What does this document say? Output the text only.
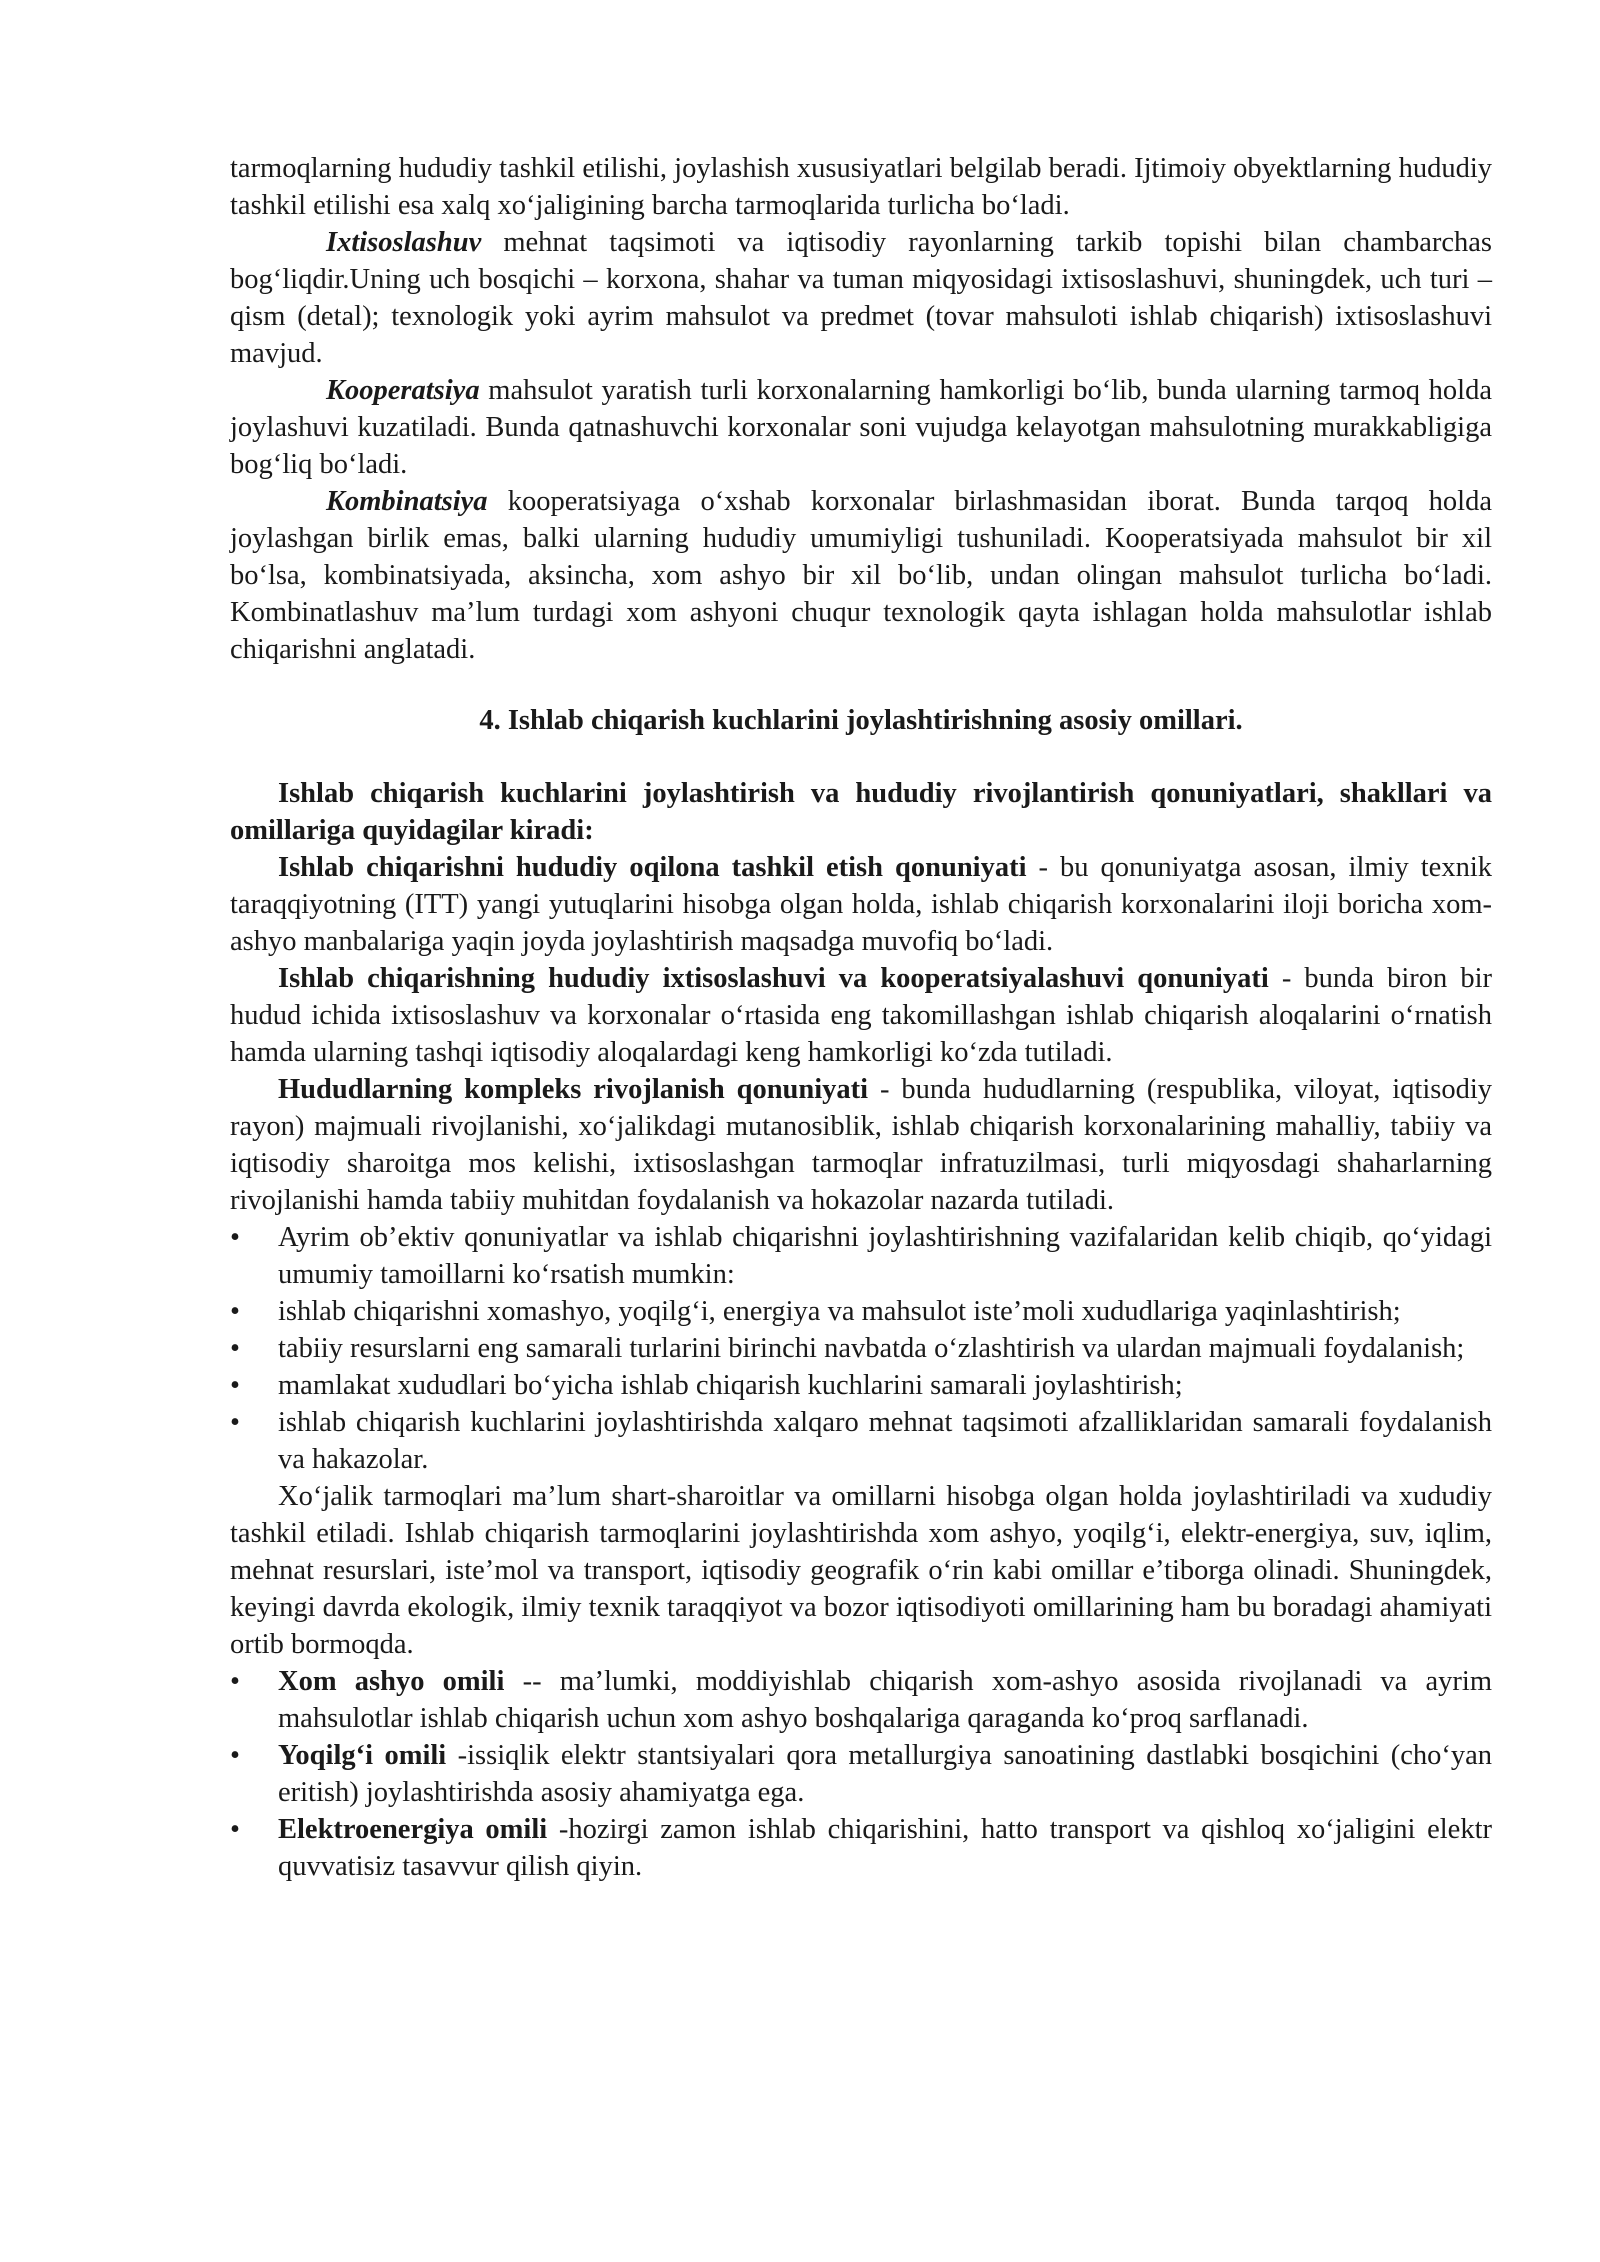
tarmoqlarning hududiy tashkil etilishi, joylashish xususiyatlari belgilab beradi. Ijtimoiy obyektlarning hududiy tashkil etilishi esa xalq xo‘jaligining barcha tarmoqlarida turlicha bo‘ladi.

Ixtisoslashuv mehnat taqsimoti va iqtisodiy rayonlarning tarkib topishi bilan chambarchas bog‘liqdir.Uning uch bosqichi – korxona, shahar va tuman miqyosidagi ixtisoslashuvi, shuningdek, uch turi – qism (detal); texnologik yoki ayrim mahsulot va predmet (tovar mahsuloti ishlab chiqarish) ixtisoslashuvi mavjud.

Kooperatsiya mahsulot yaratish turli korxonalarning hamkorligi bo‘lib, bunda ularning tarmoq holda joylashuvi kuzatiladi. Bunda qatnashuvchi korxonalar soni vujudga kelayotgan mahsulotning murakkabligiga bog‘liq bo‘ladi.

Kombinatsiya kooperatsiyaga o‘xshab korxonalar birlashmasidan iborat. Bunda tarqoq holda joylashgan birlik emas, balki ularning hududiy umumiyligi tushuniladi. Kooperatsiyada mahsulot bir xil bo‘lsa, kombinatsiyada, aksincha, xom ashyo bir xil bo‘lib, undan olingan mahsulot turlicha bo‘ladi. Kombinatlashuv ma’lum turdagi xom ashyoni chuqur texnologik qayta ishlagan holda mahsulotlar ishlab chiqarishni anglatadi.

4. Ishlab chiqarish kuchlarini joylashtirishning asosiy omillari.

Ishlab chiqarish kuchlarini joylashtirish va hududiy rivojlantirish qonuniyatlari, shakllari va omillariga quyidagilar kiradi:

Ishlab chiqarishni hududiy oqilona tashkil etish qonuniyati - bu qonuniyatga asosan, ilmiy texnik taraqqiyotning (ITT) yangi yutuqlarini hisobga olgan holda, ishlab chiqarish korxonalarini iloji boricha xom-ashyo manbalariga yaqin joyda joylashtirish maqsadga muvofiq bo‘ladi.

Ishlab chiqarishning hududiy ixtisoslashuvi va kooperatsiyalashuvi qonuniyati - bunda biron bir hudud ichida ixtisoslashuv va korxonalar o‘rtasida eng takomillashgan ishlab chiqarish aloqalarini o‘rnatish hamda ularning tashqi iqtisodiy aloqalardagi keng hamkorligi ko‘zda tutiladi.

Hududlarning kompleks rivojlanish qonuniyati - bunda hududlarning (respublika, viloyat, iqtisodiy rayon) majmuali rivojlanishi, xo‘jalikdagi mutanosiblik, ishlab chiqarish korxonalarining mahalliy, tabiiy va iqtisodiy sharoitga mos kelishi, ixtisoslashgan tarmoqlar infratuzilmasi, turli miqyosdagi shaharlarning rivojlanishi hamda tabiiy muhitdan foydalanish va hokazolar nazarda tutiladi.

• Ayrim ob’ektiv qonuniyatlar va ishlab chiqarishni joylashtirishning vazifalaridan kelib chiqib, qo‘yidagi umumiy tamoillarni ko‘rsatish mumkin:
• ishlab chiqarishni xomashyo, yoqilg‘i, energiya va mahsulot iste’moli xududlariga yaqinlashtirish;
• tabiiy resurslarni eng samarali turlarini birinchi navbatda o‘zlashtirish va ulardan majmuali foydalanish;
• mamlakat xududlari bo‘yicha ishlab chiqarish kuchlarini samarali joylashtirish;
• ishlab chiqarish kuchlarini joylashtirishda xalqaro mehnat taqsimoti afzalliklaridan samarali foydalanish va hakazolar.

Xo‘jalik tarmoqlari ma’lum shart-sharoitlar va omillarni hisobga olgan holda joylashtiriladi va xududiy tashkil etiladi. Ishlab chiqarish tarmoqlarini joylashtirishda xom ashyo, yoqilg‘i, elektr-energiya, suv, iqlim, mehnat resurslari, iste’mol va transport, iqtisodiy geografik o‘rin kabi omillar e’tiborga olinadi. Shuningdek, keyingi davrda ekologik, ilmiy texnik taraqqiyot va bozor iqtisodiyoti omillarining ham bu boradagi ahamiyati ortib bormoqda.

• Xom ashyo omili -- ma’lumki, moddiyishlab chiqarish xom-ashyo asosida rivojlanadi va ayrim mahsulotlar ishlab chiqarish uchun xom ashyo boshqalariga qaraganda ko‘proq sarflanadi.
• Yoqilg‘i omili -issiqlik elektr stantsiyalari qora metallurgiya sanoatining dastlabki bosqichini (cho‘yan eritish) joylashtirishda asosiy ahamiyatga ega.
• Elektroenergiya omili -hozirgi zamon ishlab chiqarishini, hatto transport va qishloq xo‘jaligini elektr quvvatisiz tasavvur qilish qiyin.
